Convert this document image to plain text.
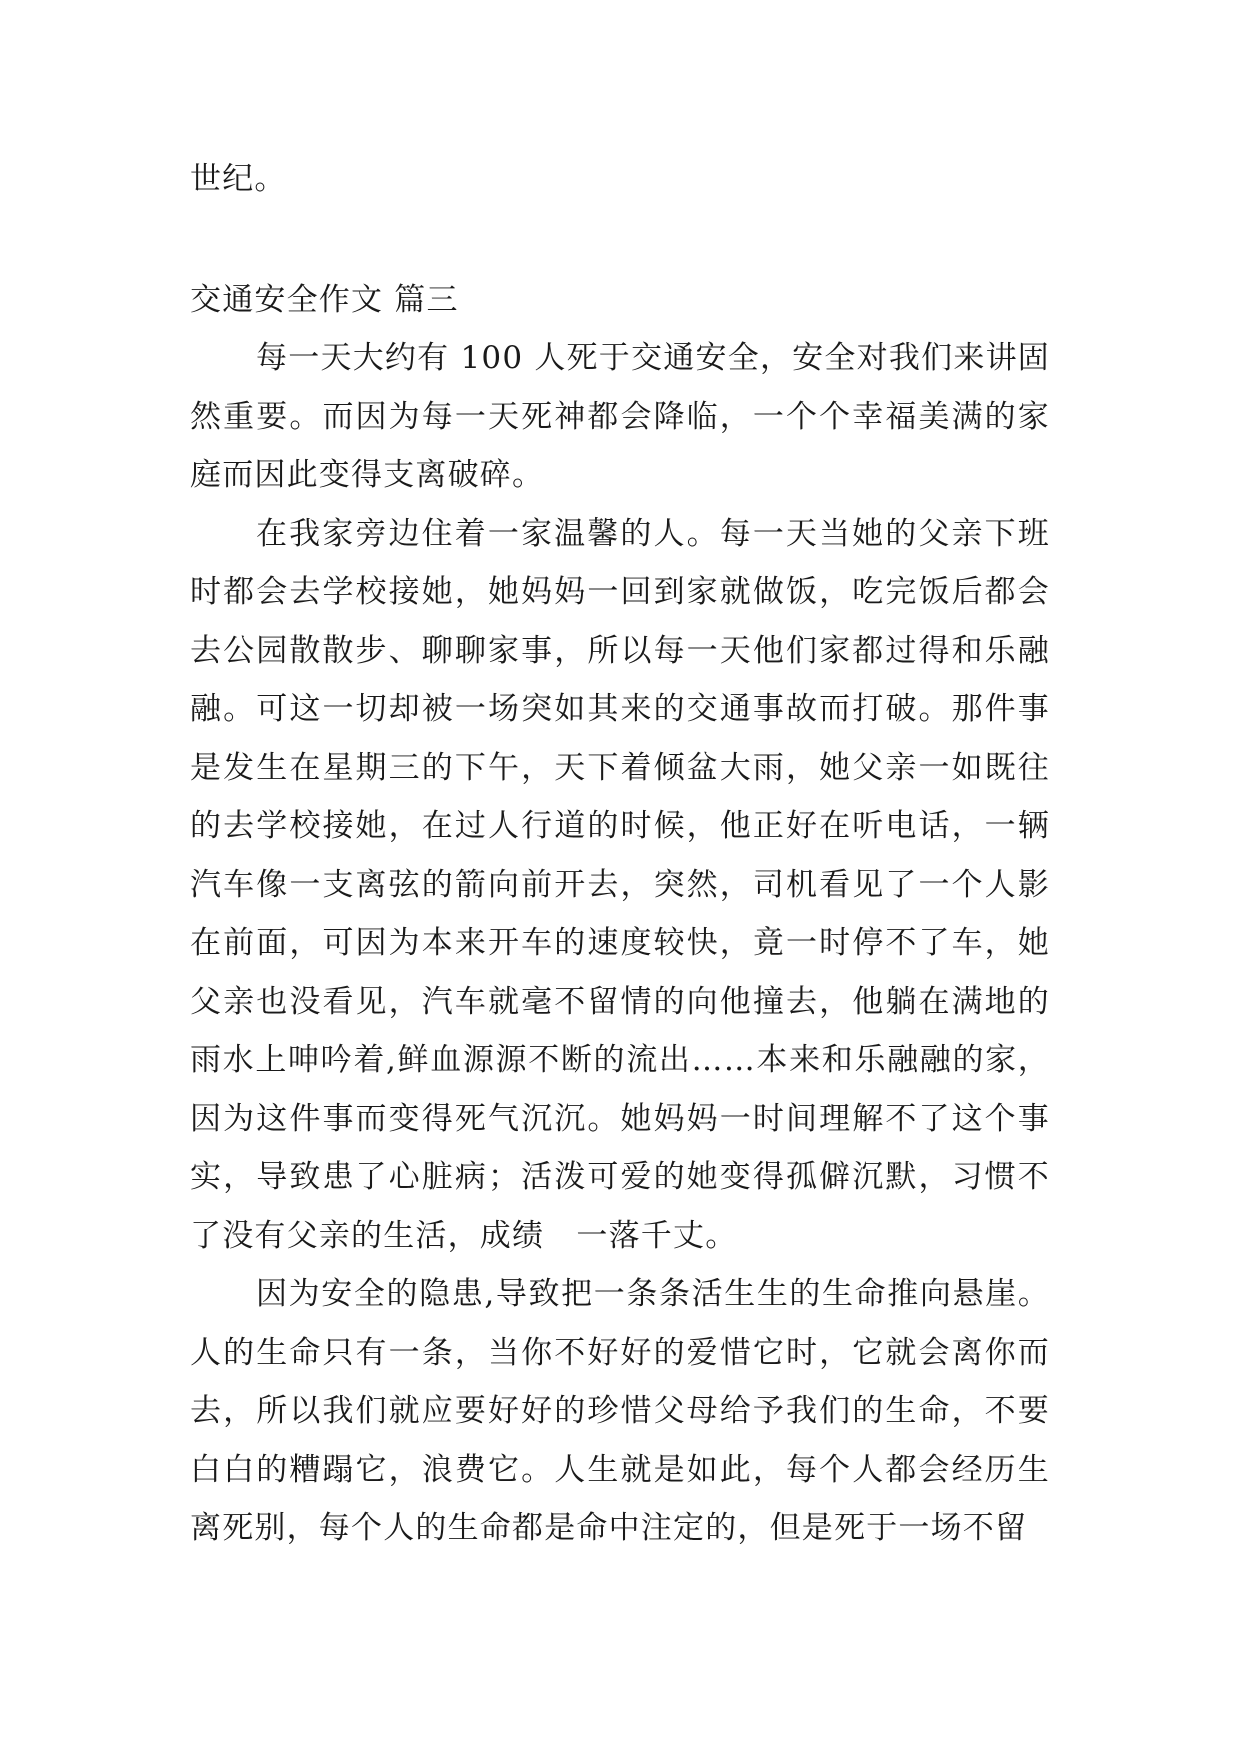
世纪。

交通安全作文 篇三

每一天大约有 100 人死于交通安全，安全对我们来讲固然重要。而因为每一天死神都会降临，一个个幸福美满的家庭而因此变得支离破碎。

在我家旁边住着一家温馨的人。每一天当她的父亲下班时都会去学校接她，她妈妈一回到家就做饭，吃完饭后都会去公园散散步、聊聊家事，所以每一天他们家都过得和乐融融。可这一切却被一场突如其来的交通事故而打破。那件事是发生在星期三的下午，天下着倾盆大雨，她父亲一如既往的去学校接她，在过人行道的时候，他正好在听电话，一辆汽车像一支离弦的箭向前开去，突然，司机看见了一个人影在前面，可因为本来开车的速度较快，竟一时停不了车，她父亲也没看见，汽车就毫不留情的向他撞去，他躺在满地的雨水上呻吟着,鲜血源源不断的流出……本来和乐融融的家，因为这件事而变得死气沉沉。她妈妈一时间理解不了这个事实，导致患了心脏病；活泼可爱的她变得孤僻沉默，习惯不了没有父亲的生活，成绩　一落千丈。

因为安全的隐患,导致把一条条活生生的生命推向悬崖。人的生命只有一条，当你不好好的爱惜它时，它就会离你而去，所以我们就应要好好的珍惜父母给予我们的生命，不要白白的糟蹋它，浪费它。人生就是如此，每个人都会经历生离死别，每个人的生命都是命中注定的，但是死于一场不留
